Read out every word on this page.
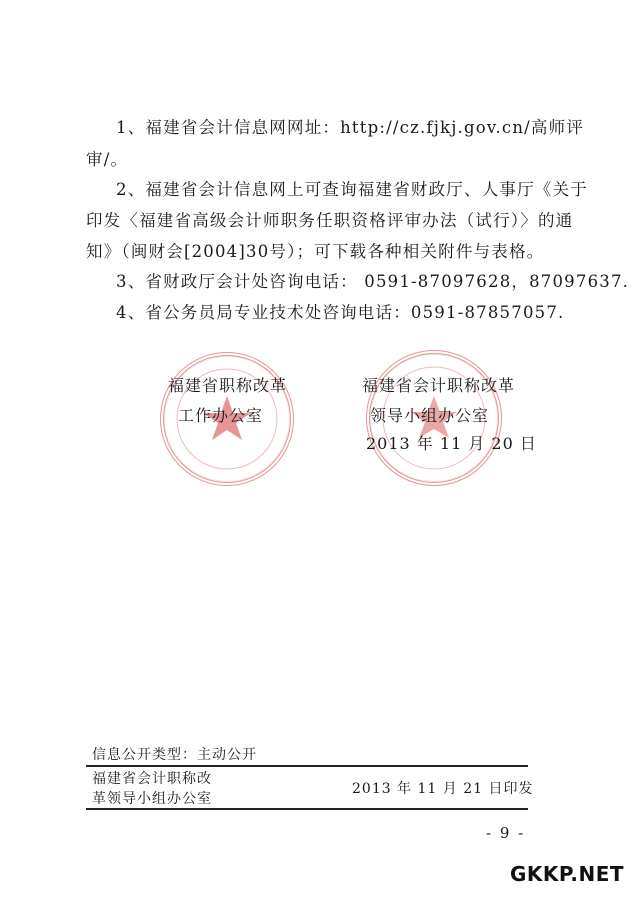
1、福建省会计信息网网址：http://cz.fjkj.gov.cn/高师评
审/。
2、福建省会计信息网上可查询福建省财政厅、人事厅《关于
印发〈福建省高级会计师职务任职资格评审办法（试行）〉的通
知》（闽财会[2004]30号）；可下载各种相关附件与表格。
3、省财政厅会计处咨询电话： 0591-87097628，87097637.
4、省公务员局专业技术处咨询电话：0591-87857057.
福建省职称改革
工作办公室
福建省会计职称改革
领导小组办公室
2013 年 11 月 20 日
信息公开类型：主动公开
福建省会计职称改
革领导小组办公室
2013 年 11 月 21 日印发
- 9 -
GKKP.NET
